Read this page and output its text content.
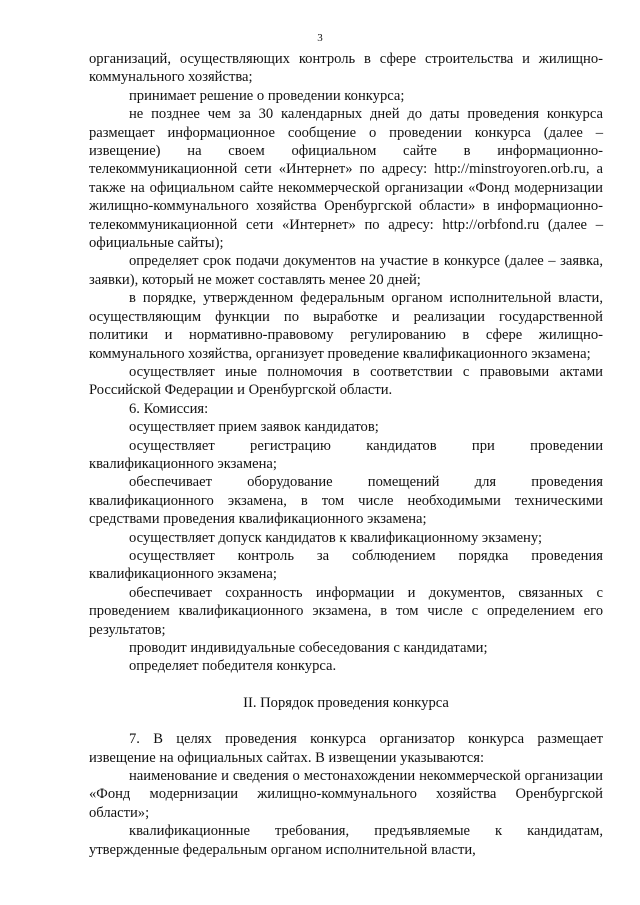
3

организаций, осуществляющих контроль в сфере строительства и жилищно-коммунального хозяйства;

принимает решение о проведении конкурса;

не позднее чем за 30 календарных дней до даты проведения конкурса размещает информационное сообщение о проведении конкурса (далее – извещение) на своем официальном сайте в информационно-телекоммуникационной сети «Интернет» по адресу: http://minstroyoren.orb.ru, а также на официальном сайте некоммерческой организации «Фонд модернизации жилищно-коммунального хозяйства Оренбургской области» в информационно-телекоммуникационной сети «Интернет» по адресу: http://orbfond.ru (далее – официальные сайты);

определяет срок подачи документов на участие в конкурсе (далее – заявка, заявки), который не может составлять менее 20 дней;

в порядке, утвержденном федеральным органом исполнительной власти, осуществляющим функции по выработке и реализации государственной политики и нормативно-правовому регулированию в сфере жилищно-коммунального хозяйства, организует проведение квалификационного экзамена;

осуществляет иные полномочия в соответствии с правовыми актами Российской Федерации и Оренбургской области.

6. Комиссия:

осуществляет прием заявок кандидатов;

осуществляет регистрацию кандидатов при проведении квалификационного экзамена;

обеспечивает оборудование помещений для проведения квалификационного экзамена, в том числе необходимыми техническими средствами проведения квалификационного экзамена;

осуществляет допуск кандидатов к квалификационному экзамену;

осуществляет контроль за соблюдением порядка проведения квалификационного экзамена;

обеспечивает сохранность информации и документов, связанных с проведением квалификационного экзамена, в том числе с определением его результатов;

проводит индивидуальные собеседования с кандидатами;

определяет победителя конкурса.

II. Порядок проведения конкурса

7. В целях проведения конкурса организатор конкурса размещает извещение на официальных сайтах. В извещении указываются:

наименование и сведения о местонахождении некоммерческой организации «Фонд модернизации жилищно-коммунального хозяйства Оренбургской области»;

квалификационные требования, предъявляемые к кандидатам, утвержденные федеральным органом исполнительной власти,
